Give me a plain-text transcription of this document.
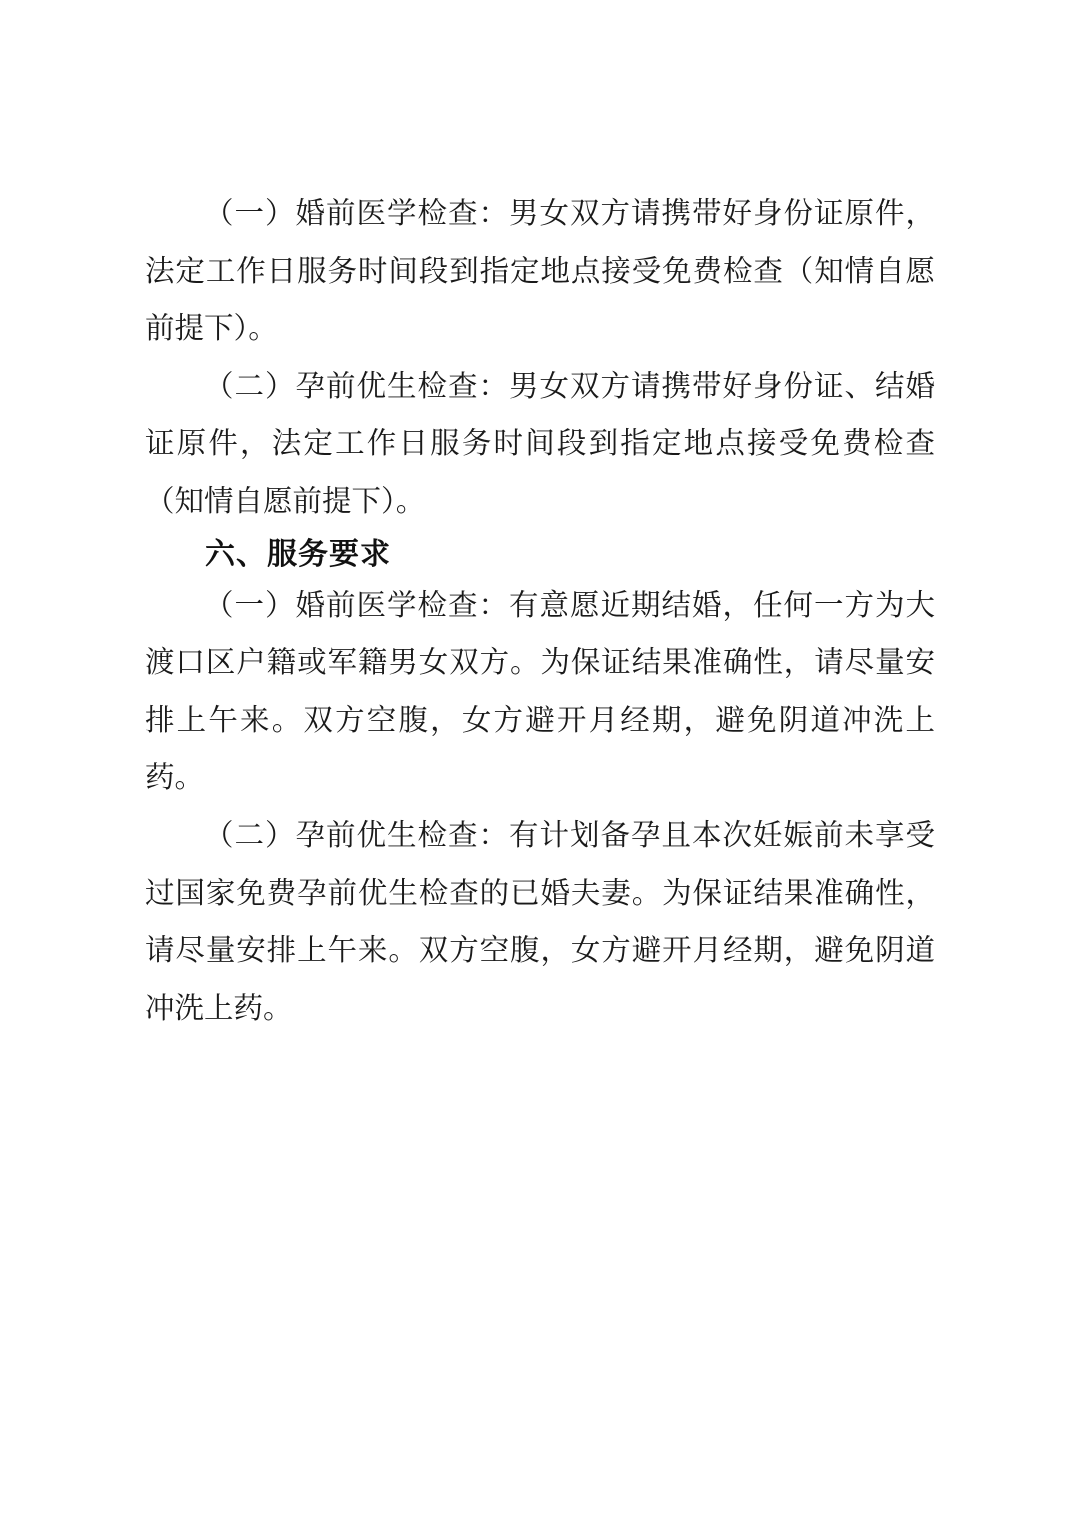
（一）婚前医学检查：男女双方请携带好身份证原件，法定工作日服务时间段到指定地点接受免费检查（知情自愿前提下）。

（二）孕前优生检查：男女双方请携带好身份证、结婚证原件，法定工作日服务时间段到指定地点接受免费检查（知情自愿前提下）。

六、服务要求

（一）婚前医学检查：有意愿近期结婚，任何一方为大渡口区户籍或军籍男女双方。为保证结果准确性，请尽量安排上午来。双方空腹，女方避开月经期，避免阴道冲洗上药。

（二）孕前优生检查：有计划备孕且本次妊娠前未享受过国家免费孕前优生检查的已婚夫妻。为保证结果准确性，请尽量安排上午来。双方空腹，女方避开月经期，避免阴道冲洗上药。
